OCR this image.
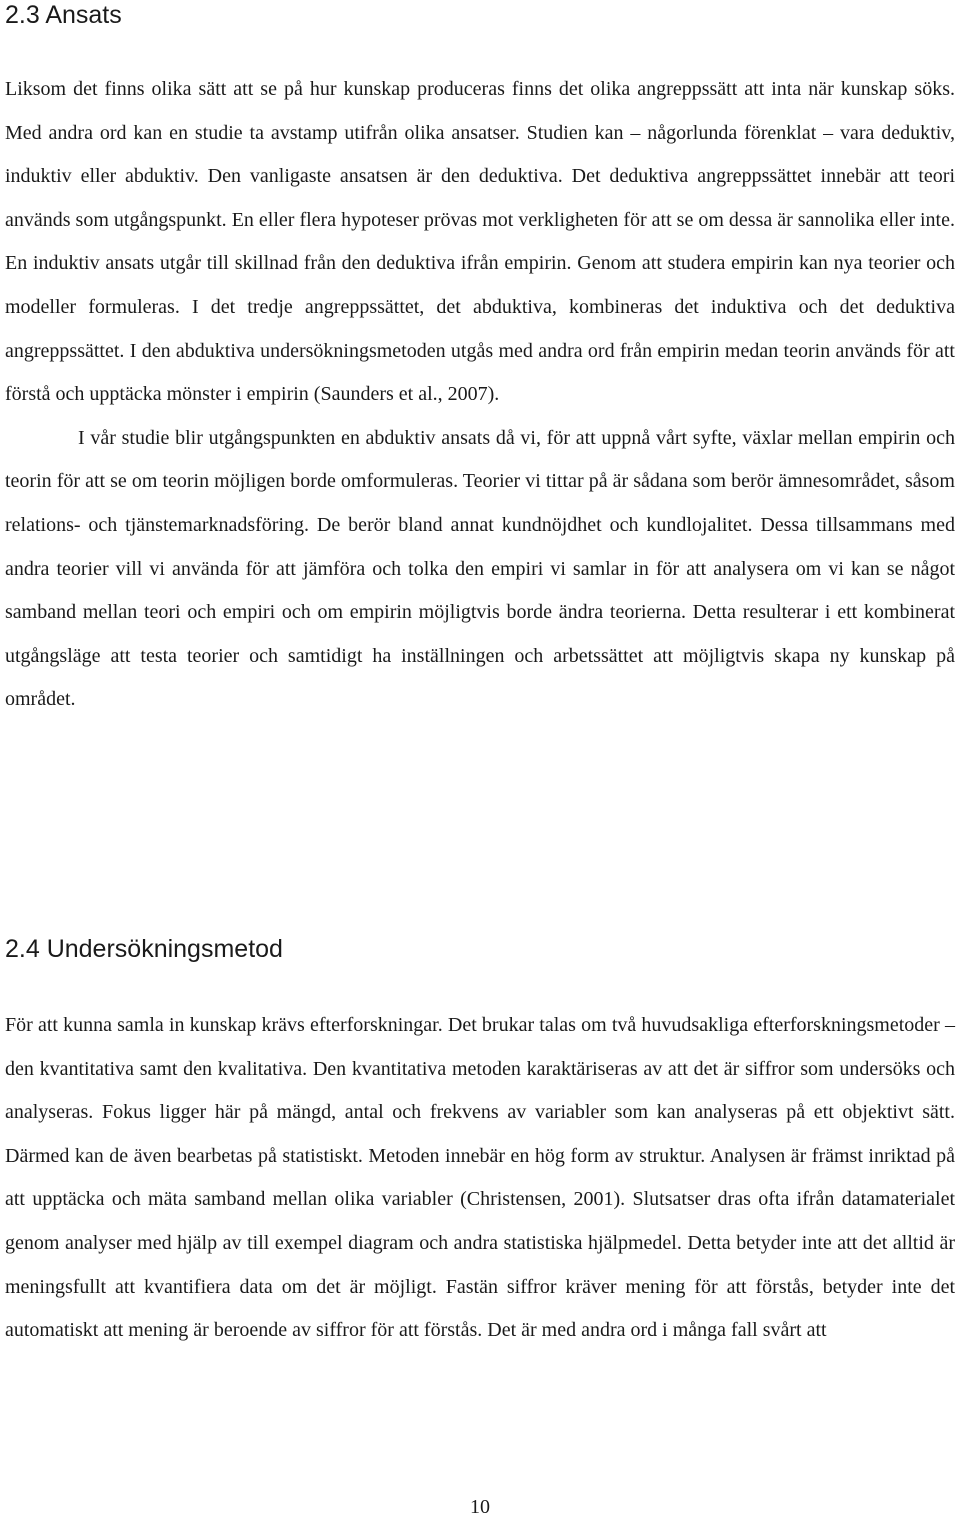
2.3 Ansats

Liksom det finns olika sätt att se på hur kunskap produceras finns det olika angreppssätt att inta när kunskap söks. Med andra ord kan en studie ta avstamp utifrån olika ansatser. Studien kan – någorlunda förenklat – vara deduktiv, induktiv eller abduktiv. Den vanligaste ansatsen är den deduktiva. Det deduktiva angreppssättet innebär att teori används som utgångspunkt. En eller flera hypoteser prövas mot verkligheten för att se om dessa är sannolika eller inte. En induktiv ansats utgår till skillnad från den deduktiva ifrån empirin. Genom att studera empirin kan nya teorier och modeller formuleras. I det tredje angreppssättet, det abduktiva, kombineras det induktiva och det deduktiva angreppssättet. I den abduktiva undersökningsmetoden utgås med andra ord från empirin medan teorin används för att förstå och upptäcka mönster i empirin (Saunders et al., 2007).

I vår studie blir utgångspunkten en abduktiv ansats då vi, för att uppnå vårt syfte, växlar mellan empirin och teorin för att se om teorin möjligen borde omformuleras. Teorier vi tittar på är sådana som berör ämnesområdet, såsom relations- och tjänstemarknadsföring. De berör bland annat kundnöjdhet och kundlojalitet. Dessa tillsammans med andra teorier vill vi använda för att jämföra och tolka den empiri vi samlar in för att analysera om vi kan se något samband mellan teori och empiri och om empirin möjligtvis borde ändra teorierna. Detta resulterar i ett kombinerat utgångsläge att testa teorier och samtidigt ha inställningen och arbetssättet att möjligtvis skapa ny kunskap på området.

2.4 Undersökningsmetod

För att kunna samla in kunskap krävs efterforskningar. Det brukar talas om två huvudsakliga efterforskningsmetoder – den kvantitativa samt den kvalitativa. Den kvantitativa metoden karaktäriseras av att det är siffror som undersöks och analyseras. Fokus ligger här på mängd, antal och frekvens av variabler som kan analyseras på ett objektivt sätt. Därmed kan de även bearbetas på statistiskt. Metoden innebär en hög form av struktur. Analysen är främst inriktad på att upptäcka och mäta samband mellan olika variabler (Christensen, 2001). Slutsatser dras ofta ifrån datamaterialet genom analyser med hjälp av till exempel diagram och andra statistiska hjälpmedel. Detta betyder inte att det alltid är meningsfullt att kvantifiera data om det är möjligt. Fastän siffror kräver mening för att förstås, betyder inte det automatiskt att mening är beroende av siffror för att förstås. Det är med andra ord i många fall svårt att

10
